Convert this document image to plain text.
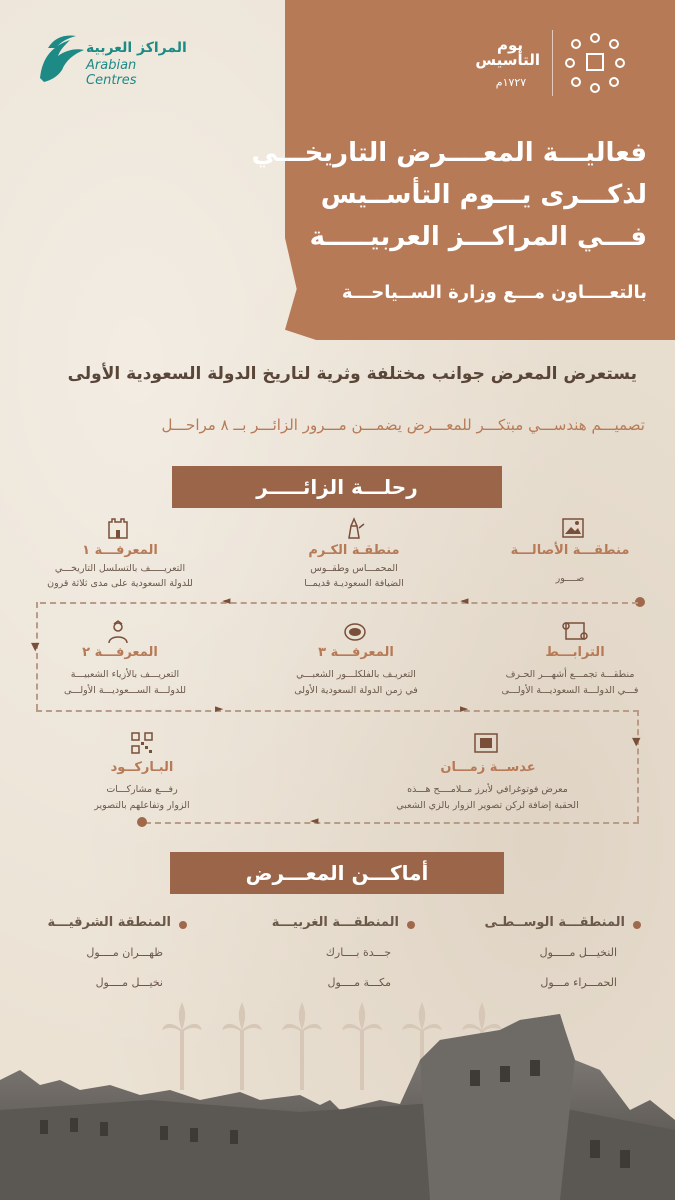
المراكز العربية
Arabian Centres
يوم التأسيس
١٧٢٧م
فعاليـــة المعــــرض التاريخـــي
لذكـــرى يـــوم التأســيس
فـــي المراكـــز العربيـــــة
بالتعــــاون مـــع وزارة الســياحـــة
يستعرض المعرض جوانب مختلفة وثرية لتاريخ الدولة السعودية الأولى
تصميـــم هندســـي مبتكـــر للمعـــرض يضمـــن مـــرور الزائـــر بــ ٨ مراحـــل
رحلـــة الزائـــــر
منطقـــة الأصالـــة
صــــور
منطقـة الكـرم
المحمـــاس وطقــوس
الضيافة السعوديـة قديمــا
المعرفـــة ١
التعريـــــف بالتسلسل التاريخـــي
للدولة السعودية على مدى ثلاثة قرون
◄
◄
▼	الترابـــط
منطقـــة تجمـــع أشهـــر الحـرف
فـــي الدولـــة السعوديـــة الأولـــى
المعرفـــة ٣
التعريـف بالفلكلـــور الشعبـــي
في زمن الدولة السعودية الأولى
المعرفـــة ٢
التعريـــف بالأزياء الشعبيـــة
للدولـــة الســـعوديـــة الأولـــى
►	►
▼
عدســة زمـــان
معرض فوتوغرافي لأبرز مــلامــــح هـــذه
الحقبة إضافة لركن تصوير الزوار بالزي الشعبي
البـاركــود
رفـــع مشاركـــات
الزوار وتفاعلهم بالتصوير
◄
أماكـــن المعـــرض
المنطقـــة الوســطـى
النخيـــل مـــــول
الحمـــراء مـــول
المنطقـــة الغربيـــة
جـــدة بــــارك
مكـــة مــــول
المنطقة الشرقيـــة
ظهـــران مــــول
نخيـــل مــــول
